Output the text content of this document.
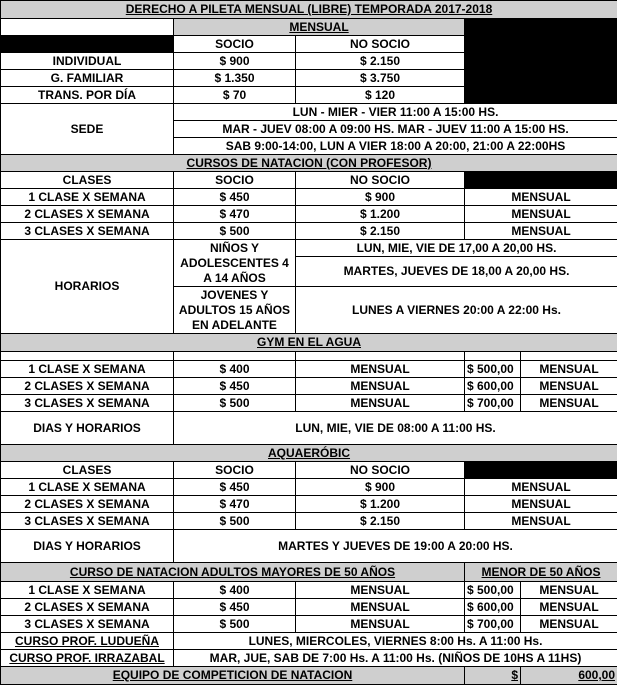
DERECHO A PILETA MENSUAL (LIBRE) TEMPORADA 2017-2018				
	MENSUAL			
	SOCIO	NO SOCIO		
INDIVIDUAL	$ 900	$ 2.150		
G. FAMILIAR	$ 1.350	$ 3.750		
TRANS. POR DÍA	$ 70	$ 120		
SEDE	LUN - MIER - VIER 11:00 A 15:00 HS.			
	MAR - JUEV 08:00 A 09:00 HS. MAR - JUEV 11:00 A 15:00 HS.			
	SAB 9:00-14:00, LUN A VIER 18:00 A 20:00, 21:00 A 22:00HS			
CURSOS DE NATACION (CON PROFESOR)				
CLASES	SOCIO	NO SOCIO		
1 CLASE X SEMANA	$ 450	$ 900	MENSUAL	
2 CLASES X SEMANA	$ 470	$ 1.200	MENSUAL	
3 CLASES X SEMANA	$ 500	$ 2.150	MENSUAL	
HORARIOS	NIÑOS Y ADOLESCENTES 4 A 14 AÑOS	LUN, MIE, VIE DE 17,00 A 20,00 HS.		
		MARTES, JUEVES DE 18,00 A 20,00 HS.		
	JOVENES Y ADULTOS 15 AÑOS EN ADELANTE	LUNES A VIERNES 20:00 A 22:00 Hs.		

GYM EN EL AGUA				

1 CLASE X SEMANA	$ 400	MENSUAL	$ 500,00	MENSUAL
2 CLASES X SEMANA	$ 450	MENSUAL	$ 600,00	MENSUAL
3 CLASES X SEMANA	$ 500	MENSUAL	$ 700,00	MENSUAL
DIAS Y HORARIOS	LUN, MIE, VIE DE 08:00 A 11:00 HS.			
AQUAERÓBIC				
CLASES	SOCIO	NO SOCIO		
1 CLASE X SEMANA	$ 450	$ 900	MENSUAL	
2 CLASES X SEMANA	$ 470	$ 1.200	MENSUAL	
3 CLASES X SEMANA	$ 500	$ 2.150	MENSUAL	
DIAS Y HORARIOS	MARTES Y JUEVES DE 19:00 A 20:00 HS.			
CURSO DE NATACION ADULTOS MAYORES DE 50 AÑOS			MENOR DE 50 AÑOS	
1 CLASE X SEMANA	$ 400	MENSUAL	$ 500,00	MENSUAL
2 CLASES X SEMANA	$ 450	MENSUAL	$ 600,00	MENSUAL
3 CLASES X SEMANA	$ 500	MENSUAL	$ 700,00	MENSUAL
CURSO PROF. LUDUEÑA	LUNES, MIERCOLES, VIERNES 8:00 Hs. A 11:00 Hs.			
CURSO PROF. IRRAZABAL	MAR, JUE, SAB DE 7:00 Hs. A 11:00 Hs. (NIÑOS DE 10HS A 11HS)			
EQUIPO DE COMPETICION DE NATACION			$	600,00
